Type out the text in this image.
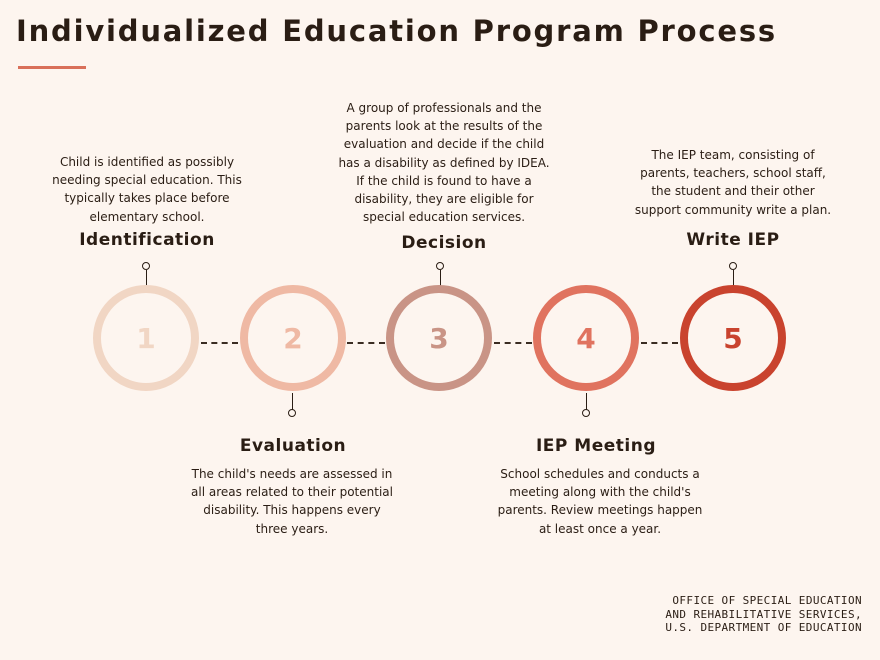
Individualized Education Program Process
Child is identified as possibly needing special education. This typically takes place before elementary school.
Identification
1	2
Evaluation
The child's needs are assessed in all areas related to their potential disability. This happens every three years.
A group of professionals and the parents look at the results of the evaluation and decide if the child has a disability as defined by IDEA. If the child is found to have a disability, they are eligible for special education services.
Decision
3	4
IEP Meeting
School schedules and conducts a meeting along with the child's parents. Review meetings happen at least once a year.
The IEP team, consisting of parents, teachers, school staff, the student and their other support community write a plan.
Write IEP
5
OFFICE OF SPECIAL EDUCATION
AND REHABILITATIVE SERVICES,
U.S. DEPARTMENT OF EDUCATION
